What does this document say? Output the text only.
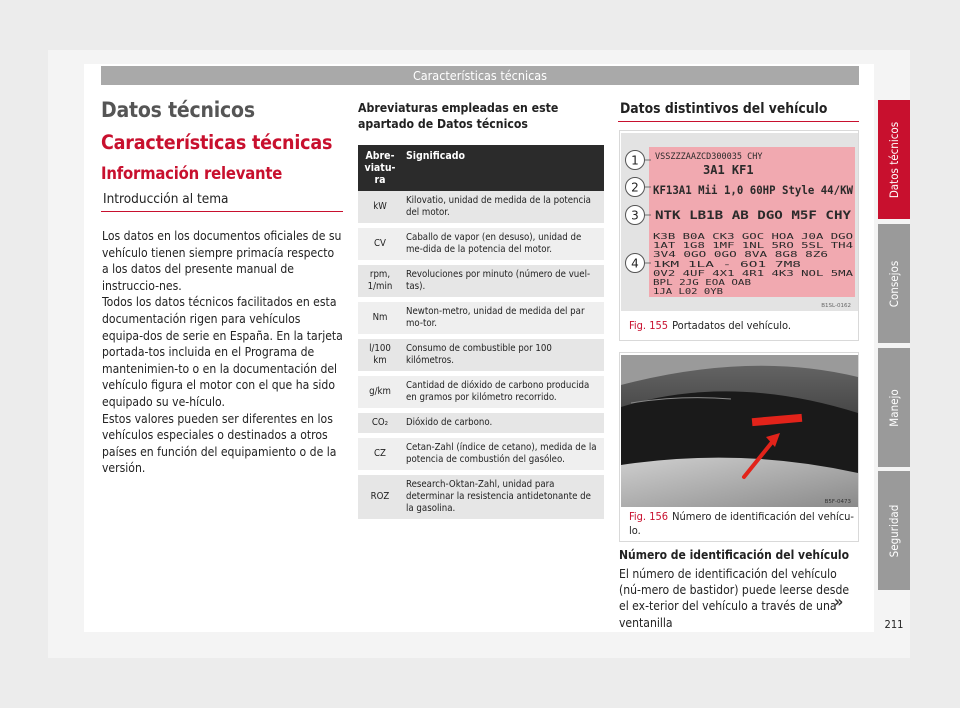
Características técnicas
Datos técnicos
Características técnicas
Información relevante
Introducción al tema

Los datos en los documentos oficiales de su vehículo tienen siempre primacía respecto a los datos del presente manual de instruccio-nes.

Todos los datos técnicos facilitados en esta documentación rigen para vehículos equipa-dos de serie en España. En la tarjeta portada-tos incluida en el Programa de mantenimien-to o en la documentación del vehículo figura el motor con el que ha sido equipado su ve-hículo.

Estos valores pueden ser diferentes en los vehículos especiales o destinados a otros países en función del equipamiento o de la versión.

Abreviaturas empleadas en este apartado de Datos técnicos
Abre-viatu-ra	Significado
kW	Kilovatio, unidad de medida de la potencia del motor.
CV	Caballo de vapor (en desuso), unidad de me-dida de la potencia del motor.
rpm, 1/min	Revoluciones por minuto (número de vuel-tas).
Nm	Newton-metro, unidad de medida del par mo-tor.
l/100 km	Consumo de combustible por 100 kilómetros.
g/km	Cantidad de dióxido de carbono producida en gramos por kilómetro recorrido.
CO₂	Dióxido de carbono.
CZ	Cetan-Zahl (índice de cetano), medida de la potencia de combustión del gasóleo.
ROZ	Research-Oktan-Zahl, unidad para determinar la resistencia antidetonante de la gasolina.
Datos distintivos del vehículo
VSSZZZAAZCD300035 CHY
3A1 KF1
KF13A1 Mii 1,0 60HP Style 44/KW
NTK LB1B AB DGO M5F CHY
K3B B0A CK3 GOC HOA J0A DGO
1AT 1G8 1MF 1NL 5RO 5SL TH4
3V4 0GO 0GO 8VA 8G8 8Z6
1KM 1LA - 6O1 7M8
0V2 4UF 4X1 4R1 4K3 NOL 5MA
BPL 2JG EOA OAB
1JA L02 0YB
1
2
3
4
B1SL-0162
Fig. 155 Portadatos del vehículo.
B5F-0473
Fig. 156 Número de identificación del vehícu-lo.
Número de identificación del vehículo
El número de identificación del vehículo (nú-mero de bastidor) puede leerse desde el ex-terior del vehículo a través de una ventanilla
»
Datos técnicos
Consejos
Manejo
Seguridad
211
